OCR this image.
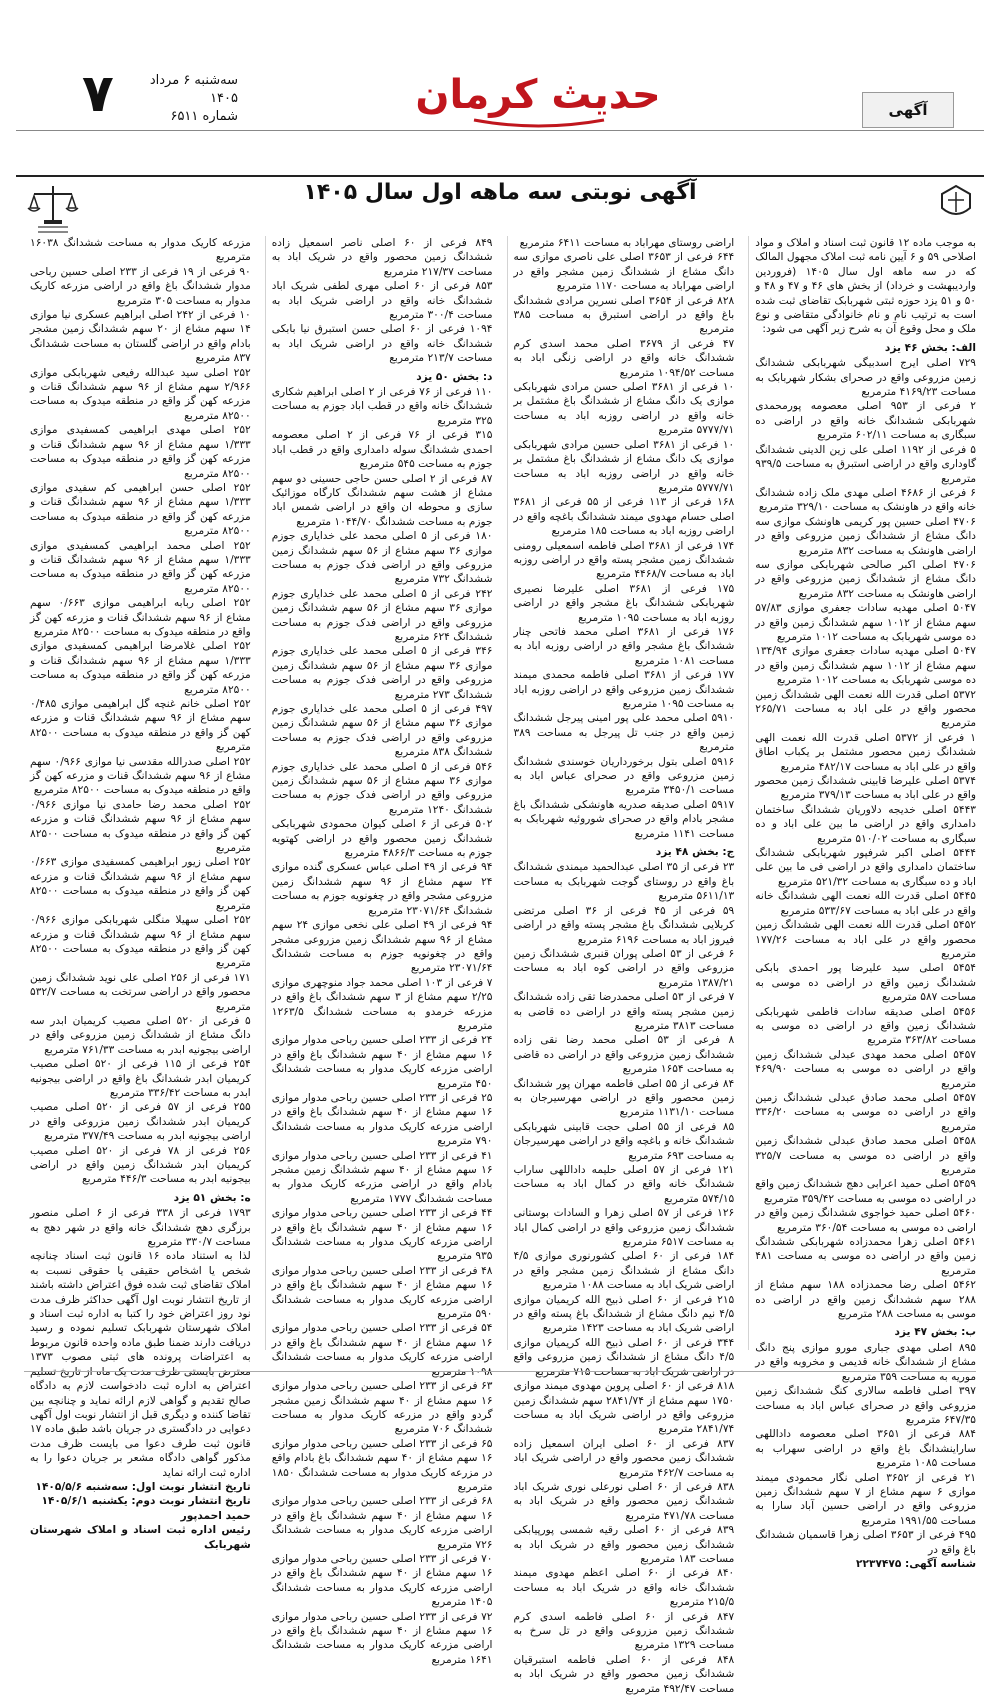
۷	سه‌شنبه ۶ مرداد ۱۴۰۵
شماره ۶۵۱۱	حدیث کرمان	آگهی
آگهی نوبتی سه ماهه اول سال ۱۴۰۵

به موجب ماده ۱۲ قانون ثبت اسناد و املاک و مواد اصلاحی ۵۹ و ۶ آیین نامه ثبت املاک مجهول المالک که در سه ماهه اول سال ۱۴۰۵ (فروردین واردیبهشت و خرداد) از بخش های ۴۶ و ۴۷ و ۴۸ و ۵۰ و ۵۱ یزد حوزه ثبتی شهربابک تقاضای ثبت شده است به ترتیب نام و نام خانوادگی متقاضی و نوع ملک و محل وقوع آن به شرح زیر آگهی می شود:

الف: بخش ۴۶ یزد

۷۲۹ اصلی ایرج اسدبیگی شهربابکی ششدانگ زمین مزروعی واقع در صحرای بشکار شهربابک به مساحت ۴۱۶۹/۲۳ مترمربع

۲ فرعی از ۹۵۳ اصلی معصومه پورمحمدی شهربابکی ششدانگ خانه واقع در اراضی ده سبگاری به مساحت ۶۰۲/۱۱ مترمربع

۵ فرعی از ۱۱۹۲ اصلی علی زین الدینی ششدانگ گاوداری واقع در اراضی استبرق به مساحت ۹۳۹/۵ مترمربع

۶ فرعی از ۴۶۸۶ اصلی مهدی ملک زاده ششدانگ خانه واقع در هاونشک به مساحت ۳۲۹/۱۰ مترمربع

۴۷۰۶ اصلی حسین پور کریمی هاونشک موازی سه دانگ مشاع از ششدانگ زمین مزروعی واقع در اراضی هاونشک به مساحت ۸۳۲ مترمربع

۴۷۰۶ اصلی اکبر صالحی شهربابکی موازی سه دانگ مشاع از ششدانگ زمین مزروعی واقع در اراضی هاونشک به مساحت ۸۳۲ مترمربع

۵۰۴۷ اصلی مهدیه سادات جعفری موازی ۵۷/۸۳ سهم مشاع از ۱۰۱۲ سهم ششدانگ زمین واقع در ده موسی شهربابک به مساحت ۱۰۱۲ مترمربع

۵۰۴۷ اصلی مهدیه سادات جعفری موازی ۱۳۴/۹۴ سهم مشاع از ۱۰۱۲ سهم ششدانگ زمین واقع در ده موسی شهربابک به مساحت ۱۰۱۲ مترمربع

۵۳۷۲ اصلی قدرت الله نعمت الهی ششدانگ زمین محصور واقع در علی اباد به مساحت ۲۶۵/۷۱ مترمربع

۱ فرعی از ۵۳۷۲ اصلی قدرت الله نعمت الهی ششدانگ زمین محصور مشتمل بر یکباب اطاق واقع در علی اباد به مساحت ۴۸۲/۱۷ مترمربع

۵۳۷۴ اصلی علیرضا قابینی ششدانگ زمین محصور واقع در علی اباد به مساحت ۳۷۹/۱۳ مترمربع

۵۴۴۳ اصلی خدیجه دلاوریان ششدانگ ساختمان دامداری واقع در اراضی ما بین علی اباد و ده سبگاری به مساحت ۵۱۰/۰۲ مترمربع

۵۴۴۴ اصلی اکبر شرفپور شهربابکی ششدانگ ساختمان دامداری واقع در اراضی فی ما بین علی اباد و ده سبگاری به مساحت ۵۲۱/۳۲ مترمربع

۵۴۴۵ اصلی قدرت الله نعمت الهی ششدانگ خانه واقع در علی اباد به مساحت ۵۳۳/۶۷ مترمربع

۵۴۵۲ اصلی قدرت الله نعمت الهی ششدانگ زمین محصور واقع در علی اباد به مساحت ۱۷۷/۲۶ مترمربع

۵۴۵۴ اصلی سید علیرضا پور احمدی بابکی ششدانگ زمین واقع در اراضی ده موسی به مساحت ۵۸۷ مترمربع

۵۴۵۶ اصلی صدیقه سادات فاطمی شهربابکی ششدانگ زمین واقع در اراضی ده موسی به مساحت ۳۶۳/۸۲ مترمربع

۵۴۵۷ اصلی محمد مهدی عبدلی ششدانگ زمین واقع در اراضی ده موسی به مساحت ۴۶۹/۹۰ مترمربع

۵۴۵۷ اصلی محمد صادق عبدلی ششدانگ زمین واقع در اراضی ده موسی به مساحت ۳۳۶/۲۰ مترمربع

۵۴۵۸ اصلی محمد صادق عبدلی ششدانگ زمین واقع در اراضی ده موسی به مساحت ۳۲۵/۷ مترمربع

۵۴۵۹ اصلی حمید اعرابی دهج ششدانگ زمین واقع در اراضی ده موسی به مساحت ۳۵۹/۴۲ مترمربع

۵۴۶۰ اصلی حمید خواجوی ششدانگ زمین واقع در اراضی ده موسی به مساحت ۳۶۰/۵۴ مترمربع

۵۴۶۱ اصلی زهرا محمدزاده شهربابکی ششدانگ زمین واقع در اراضی ده موسی به مساحت ۴۸۱ مترمربع

۵۴۶۲ اصلی رضا محمدزاده ۱۸۸ سهم مشاع از ۲۸۸ سهم ششدانگ زمین واقع در اراضی ده موسی به مساحت ۲۸۸ مترمربع

ب: بخش ۴۷ یزد

۸۹۵ اصلی مهدی جباری مورو موازی پنج دانگ مشاع از ششدانگ خانه قدیمی و مخروبه واقع در موریه به مساحت ۳۵۹ مترمربع

۳۹۷ اصلی فاطمه سالاری کنگ ششدانگ زمین مزروعی واقع در صحرای عباس اباد به مساحت ۶۴۷/۳۵ مترمربع

۸۸۴ فرعی از ۳۶۵۱ اصلی معصومه داداللهی ساراینشدانگ باغ واقع در اراضی سهراب به مساحت ۱۰۸۵ مترمربع

۲۱ فرعی از ۳۶۵۲ اصلی نگار محمودی میمند موازی ۶ سهم مشاع از ۷ سهم ششدانگ زمین مزروعی واقع در اراضی حسین آباد سارا به مساحت ۱۹۹۱/۵۵ مترمربع

۴۹۵ فرعی از ۳۶۵۳ اصلی زهرا قاسمیان ششدانگ باغ واقع در

شناسه آگهی: ۲۲۳۷۴۷۵

اراضی روستای مهراباد به مساحت ۶۴۱۱ مترمربع

۶۴۴ فرعی از ۳۶۵۳ اصلی علی ناصری موازی سه دانگ مشاع از ششدانگ زمین مشجر واقع در اراضی مهراباد به مساحت ۱۱۷۰ مترمربع

۸۲۸ فرعی از ۳۶۵۴ اصلی نسرین مرادی ششدانگ باغ واقع در اراضی استبرق به مساحت ۳۸۵ مترمربع

۴۷ فرعی از ۳۶۷۹ اصلی محمد اسدی کرم ششدانگ خانه واقع در اراضی زنگی اباد به مساحت ۱۰۹۴/۵۲ مترمربع

۱۰ فرعی از ۳۶۸۱ اصلی حسن مرادی شهربابکی موازی یک دانگ مشاع از ششدانگ باغ مشتمل بر خانه واقع در اراضی روزبه اباد به مساحت ۵۷۷۷/۷۱ مترمربع

۱۰ فرعی از ۳۶۸۱ اصلی حسین مرادی شهربابکی موازی یک دانگ مشاع از ششدانگ باغ مشتمل بر خانه واقع در اراضی روزبه اباد به مساحت ۵۷۷۷/۷۱ مترمربع

۱۶۸ فرعی از ۱۱۳ فرعی از ۵۵ فرعی از ۳۶۸۱ اصلی حسام مهدوی میمند ششدانگ باغچه واقع در اراضی روزبه اباد به مساحت ۱۸۵ مترمربع

۱۷۴ فرعی از ۳۶۸۱ اصلی فاطمه اسمعیلی رومنی ششدانگ زمین مشجر پسته واقع در اراضی روزبه اباد به مساحت ۴۴۶۸/۷ مترمربع

۱۷۵ فرعی از ۳۶۸۱ اصلی علیرضا نصیری شهربابکی ششدانگ باغ مشجر واقع در اراضی روزبه اباد به مساحت ۱۰۹۵ مترمربع

۱۷۶ فرعی از ۳۶۸۱ اصلی محمد فاتحی چنار ششدانگ باغ مشجر واقع در اراضی روزبه اباد به مساحت ۱۰۸۱ مترمربع

۱۷۷ فرعی از ۳۶۸۱ اصلی فاطمه محمدی میمند ششدانگ زمین مزروعی واقع در اراضی روزبه اباد به مساحت ۱۰۹۵ مترمربع

۵۹۱۰ اصلی محمد علی پور امینی پیرجل ششدانگ زمین واقع در جنب تل پیرجل به مساحت ۳۸۹ مترمربع

۵۹۱۶ اصلی بتول برخورداریان خوسندی ششدانگ زمین مزروعی واقع در صحرای عباس اباد به مساحت ۳۴۵۰/۱ مترمربع

۵۹۱۷ اصلی صدیقه صدریه هاونشکی ششدانگ باغ مشجر بادام واقع در صحرای شوروئیه شهربابک به مساحت ۱۱۴۱ مترمربع

ج: بخش ۴۸ یزد

۲۳ فرعی از ۳۵ اصلی عبدالحمید میمندی ششدانگ باغ واقع در روستای گوجت شهربابک به مساحت ۵۶۱۱/۱۳ مترمربع

۵۹ فرعی از ۴۵ فرعی از ۳۶ اصلی مرتضی کربلایی ششدانگ باغ مشجر پسته واقع در اراضی فیروز اباد به مساحت ۶۱۹۶ مترمربع

۶ فرعی از ۵۳ اصلی پوران قنبری ششدانگ زمین مزروعی واقع در اراضی کوه اباد به مساحت ۱۳۸۷/۲۱ مترمربع

۷ فرعی از ۵۳ اصلی محمدرضا تقی زاده ششدانگ زمین مشجر پسته واقع در اراضی ده قاضی به مساحت ۳۸۱۳ مترمربع

۸ فرعی از ۵۳ اصلی محمد رضا نقی زاده ششدانگ زمین مزروعی واقع در اراضی ده قاضی به مساحت ۱۶۵۴ مترمربع

۸۴ فرعی از ۵۵ اصلی فاطمه مهران پور ششدانگ زمین محصور واقع در اراضی مهرسیرجان به مساحت ۱۱۳۱/۱۰ مترمربع

۸۵ فرعی از ۵۵ اصلی حجت قابینی شهربابکی ششدانگ خانه و باغچه واقع در اراضی مهرسیرجان به مساحت ۶۹۳ مترمربع

۱۲۱ فرعی از ۵۷ اصلی حلیمه داداللهی ساراب ششدانگ خانه واقع در کمال اباد به مساحت ۵۷۴/۱۵ مترمربع

۱۲۶ فرعی از ۵۷ اصلی زهرا و السادات بوستانی ششدانگ زمین مزروعی واقع در اراضی کمال اباد به مساحت ۶۵۱۷ مترمربع

۱۸۴ فرعی از ۶۰ اصلی کشورنوری موازی ۴/۵ دانگ مشاع از ششدانگ زمین مشجر واقع در اراضی شریک اباد به مساحت ۱۰۸۸ مترمربع

۲۱۵ فرعی از ۶۰ اصلی ذبیح الله کریمیان موازی ۴/۵ نیم دانگ مشاع از ششدانگ باغ پسته واقع در اراضی شریک اباد به مساحت ۱۴۲۳ مترمربع

۳۴۴ فرعی از ۶۰ اصلی ذبیح الله کریمیان موازی ۴/۵ دانگ مشاع از ششدانگ زمین مزروعی واقع در اراضی شریک اباد به مساحت ۷۱۵ مترمربع

۸۱۸ فرعی از ۶۰ اصلی پروین مهدوی میمند موازی ۱۷۵۰ سهم مشاع از ۲۸۴۱/۷۴ سهم ششدانگ زمین مزروعی واقع در اراضی شریک اباد به مساحت ۲۸۴۱/۷۴ مترمربع

۸۳۷ فرعی از ۶۰ اصلی ایران اسمعیل زاده ششدانگ زمین محصور واقع در اراضی شریک اباد به مساحت ۴۶۲/۷ مترمربع

۸۳۸ فرعی از ۶۰ اصلی نورعلی نوری شریک اباد ششدانگ زمین محصور واقع در شریک اباد به مساحت ۴۷۱/۷۸ مترمربع

۸۳۹ فرعی از ۶۰ اصلی رقیه شمسی پورپیابکی ششدانگ زمین محصور واقع در شریک اباد به مساحت ۱۸۳ مترمربع

۸۴۰ فرعی از ۶۰ اصلی اعظم مهدوی میمند ششدانگ خانه واقع در شریک اباد به مساحت ۲۱۵/۵ مترمربع

۸۴۷ فرعی از ۶۰ اصلی فاطمه اسدی کرم ششدانگ زمین مزروعی واقع در تل سرخ به مساحت ۱۳۲۹ مترمربع

۸۴۸ فرعی از ۶۰ اصلی فاطمه استبرقیان ششدانگ زمین محصور واقع در شریک اباد به مساحت ۴۹۲/۴۷ مترمربع

۸۴۹ فرعی از ۶۰ اصلی ناصر اسمعیل زاده ششدانگ زمین محصور واقع در شریک اباد به مساحت ۲۱۷/۳۷ مترمربع

۸۵۳ فرعی از ۶۰ اصلی مهری لطفی شریک اباد ششدانگ خانه واقع در اراضی شریک اباد به مساحت ۳۰۰/۴ مترمربع

۱۰۹۴ فرعی از ۶۰ اصلی حسن استبرق نیا بابکی ششدانگ خانه واقع در اراضی شریک اباد به مساحت ۲۱۳/۷ مترمربع

د: بخش ۵۰ یزد

۱۱۰ فرعی از ۷۶ فرعی از ۲ اصلی ابراهیم شکاری ششدانگ خانه واقع در قطب اباد جوزم به مساحت ۳۲۵ مترمربع

۳۱۵ فرعی از ۷۶ فرعی از ۲ اصلی معصومه احمدی ششدانگ سوله دامداری واقع در قطب اباد جوزم به مساحت ۵۴۵ مترمربع

۸۷ فرعی از ۲ اصلی حسن حاجی حسینی دو سهم مشاع از هشت سهم ششدانگ کارگاه موزائیک سازی و محوطه ان واقع در اراضی شمس اباد جوزم به مساحت ششدانگ ۱۰۴۴/۷۰ مترمربع

۱۸۰ فرعی از ۵ اصلی محمد علی خدایاری جوزم موازی ۳۶ سهم مشاع از ۵۶ سهم ششدانگ زمین مزروعی واقع در اراضی فدک جوزم به مساحت ششدانگ ۷۳۲ مترمربع

۲۴۲ فرعی از ۵ اصلی محمد علی خدایاری جوزم موازی ۳۶ سهم مشاع از ۵۶ سهم ششدانگ زمین مزروعی واقع در اراضی فدک جوزم به مساحت ششدانگ ۶۲۴ مترمربع

۳۴۶ فرعی از ۵ اصلی محمد علی خدایاری جوزم موازی ۳۶ سهم مشاع از ۵۶ سهم ششدانگ زمین مزروعی واقع در اراضی فدک جوزم به مساحت ششدانگ ۲۷۳ مترمربع

۴۹۷ فرعی از ۵ اصلی محمد علی خدایاری جوزم موازی ۳۶ سهم مشاع از ۵۶ سهم ششدانگ زمین مزروعی واقع در اراضی فدک جوزم به مساحت ششدانگ ۸۳۸ مترمربع

۵۴۶ فرعی از ۵ اصلی محمد علی خدایاری جوزم موازی ۳۶ سهم مشاع از ۵۶ سهم ششدانگ زمین مزروعی واقع در اراضی فدک جوزم به مساحت ششدانگ ۱۲۴۰ مترمربع

۵۰۲ فرعی از ۶ اصلی کیوان محمودی شهربابکی ششدانگ زمین محصور واقع در اراضی کهتویه جوزم به مساحت ۴۸۶۶/۳ مترمربع

۹۴ فرعی از ۴۹ اصلی عباس عسکری گنده موازی ۲۴ سهم مشاع از ۹۶ سهم ششدانگ زمین مزروعی مشجر واقع در چغونویه جوزم به مساحت ششدانگ ۲۳۰۷۱/۶۴ مترمربع

۹۴ فرعی از ۴۹ اصلی علی نخعی موازی ۲۴ سهم مشاع از ۹۶ سهم ششدانگ زمین مزروعی مشجر واقع در چغونویه جوزم به مساحت ششدانگ ۲۳۰۷۱/۶۴ مترمربع

۷ فرعی از ۱۰۳ اصلی محمد جواد منوچهری موازی ۲/۲۵ سهم مشاع از ۳ سهم ششدانگ باغ واقع در مزرعه خرمدو به مساحت ششدانگ ۱۲۶۳/۵ مترمربع

۲۴ فرعی از ۲۳۳ اصلی حسین رباحی مدوار موازی ۱۶ سهم مشاع از ۴۰ سهم ششدانگ باغ واقع در اراضی مزرعه کاریک مدوار به مساحت ششدانگ ۴۵۰ مترمربع

۲۵ فرعی از ۲۳۳ اصلی حسین رباحی مدوار موازی ۱۶ سهم مشاع از ۴۰ سهم ششدانگ باغ واقع در اراضی مزرعه کاریک مدوار به مساحت ششدانگ ۷۹۰ مترمربع

۴۱ فرعی از ۲۳۳ اصلی حسین رباحی مدوار موازی ۱۶ سهم مشاع از ۴۰ سهم ششدانگ زمین مشجر بادام واقع در اراضی مزرعه کاریک مدوار به مساحت ششدانگ ۱۷۷۷ مترمربع

۴۴ فرعی از ۲۳۳ اصلی حسین رباحی مدوار موازی ۱۶ سهم مشاع از ۴۰ سهم ششدانگ باغ واقع در اراضی مزرعه کاریک مدوار به مساحت ششدانگ ۹۳۵ مترمربع

۴۸ فرعی از ۲۳۳ اصلی حسین رباحی مدوار موازی ۱۶ سهم مشاع از ۴۰ سهم ششدانگ باغ واقع در اراضی مزرعه کاریک مدوار به مساحت ششدانگ ۵۹۰ مترمربع

۵۴ فرعی از ۲۳۳ اصلی حسین رباحی مدوار موازی ۱۶ سهم مشاع از ۴۰ سهم ششدانگ باغ واقع در اراضی مزرعه کاریک مدوار به مساحت ششدانگ ۱۰۹۸ مترمربع

۶۳ فرعی از ۲۳۳ اصلی حسین رباحی مدوار موازی ۱۶ سهم مشاع از ۴۰ سهم ششدانگ زمین مشجر گردو واقع در مزرعه کاریک مدوار به مساحت ششدانگ ۷۰۶ مترمربع

۶۵ فرعی از ۲۳۳ اصلی حسین رباحی مدوار موازی ۱۶ سهم مشاع از ۴۰ سهم ششدانگ باغ بادام واقع در مزرعه کاریک مدوار به مساحت ششدانگ ۱۸۵۰ مترمربع

۶۸ فرعی از ۲۳۳ اصلی حسین رباحی مدوار موازی ۱۶ سهم مشاع از ۴۰ سهم ششدانگ باغ واقع در اراضی مزرعه کاریک مدوار به مساحت ششدانگ ۷۲۶ مترمربع

۷۰ فرعی از ۲۳۳ اصلی حسین رباحی مدوار موازی ۱۶ سهم مشاع از ۴۰ سهم ششدانگ باغ واقع در اراضی مزرعه کاریک مدوار به مساحت ششدانگ ۱۴۰۵ مترمربع

۷۲ فرعی از ۲۳۳ اصلی حسین رباحی مدوار موازی ۱۶ سهم مشاع از ۴۰ سهم ششدانگ باغ واقع در اراضی مزرعه کاریک مدوار به مساحت ششدانگ ۱۶۴۱ مترمربع

مزرعه کاریک مدوار به مساحت ششدانگ ۱۶۰۳۸ مترمربع

۹۰ فرعی از ۱۹ فرعی از ۲۳۳ اصلی حسین رباحی مدوار ششدانگ باغ واقع در اراضی مزرعه کاریک مدوار به مساحت ۳۰۵ مترمربع

۱۰ فرعی از ۲۴۲ اصلی ابراهیم عسکری نیا موازی ۱۴ سهم مشاع از ۲۰ سهم ششدانگ زمین مشجر بادام واقع در اراضی گلستان به مساحت ششدانگ ۸۳۷ مترمربع

۲۵۲ اصلی سید عبدالله رفیعی شهربابکی موازی ۲/۹۶۶ سهم مشاع از ۹۶ سهم ششدانگ قنات و مزرعه کهن گز واقع در منطقه میدوک به مساحت ۸۲۵۰۰ مترمربع

۲۵۲ اصلی مهدی ابراهیمی کمسفیدی موازی ۱/۳۳۳ سهم مشاع از ۹۶ سهم ششدانگ قنات و مزرعه کهن گز واقع در منطقه میدوک به مساحت ۸۲۵۰۰ مترمربع

۲۵۲ اصلی حسن ابراهیمی کم سفیدی موازی ۱/۳۳۳ سهم مشاع از ۹۶ سهم ششدانگ قنات و مزرعه کهن گز واقع در منطقه میدوک به مساحت ۸۲۵۰۰ مترمربع

۲۵۲ اصلی محمد ابراهیمی کمسفیدی موازی ۱/۳۳۳ سهم مشاع از ۹۶ سهم ششدانگ قنات و مزرعه کهن گز واقع در منطقه میدوک به مساحت ۸۲۵۰۰ مترمربع

۲۵۲ اصلی ربابه ابراهیمی موازی ۰/۶۶۳ سهم مشاع از ۹۶ سهم ششدانگ قنات و مزرعه کهن گز واقع در منطقه میدوک به مساحت ۸۲۵۰۰ مترمربع

۲۵۲ اصلی غلامرضا ابراهیمی کمسفیدی موازی ۱/۳۳۳ سهم مشاع از ۹۶ سهم ششدانگ قنات و مزرعه کهن گز واقع در منطقه میدوک به مساحت ۸۲۵۰۰ مترمربع

۲۵۲ اصلی خانم غنچه گل ابراهیمی موازی ۰/۴۸۵ سهم مشاع از ۹۶ سهم ششدانگ قنات و مزرعه کهن گز واقع در منطقه میدوک به مساحت ۸۲۵۰۰ مترمربع

۲۵۲ اصلی صدرالله مقدسی نیا موازی ۰/۹۶۶ سهم مشاع از ۹۶ سهم ششدانگ قنات و مزرعه کهن گز واقع در منطقه میدوک به مساحت ۸۲۵۰۰ مترمربع

۲۵۲ اصلی محمد رضا حامدی نیا موازی ۰/۹۶۶ سهم مشاع از ۹۶ سهم ششدانگ قنات و مزرعه کهن گز واقع در منطقه میدوک به مساحت ۸۲۵۰۰ مترمربع

۲۵۲ اصلی زیور ابراهیمی کمسفیدی موازی ۰/۶۶۳ سهم مشاع از ۹۶ سهم ششدانگ قنات و مزرعه کهن گز واقع در منطقه میدوک به مساحت ۸۲۵۰۰ مترمربع

۲۵۲ اصلی سهیلا منگلی شهربابکی موازی ۰/۹۶۶ سهم مشاع از ۹۶ سهم ششدانگ قنات و مزرعه کهن گز واقع در منطقه میدوک به مساحت ۸۲۵۰۰ مترمربع

۱۷۱ فرعی از ۲۵۶ اصلی علی نوید ششدانگ زمین محصور واقع در اراضی سرتخت به مساحت ۵۳۲/۷ مترمربع

۵ فرعی از ۵۲۰ اصلی مصیب کریمیان ابدر سه دانگ مشاع از ششدانگ زمین مزروعی واقع در اراضی بیجونیه ابدر به مساحت ۷۶۱/۳۳ مترمربع

۲۵۴ فرعی از ۱۱۵ فرعی از ۵۲۰ اصلی مصیب کریمیان ابدر ششدانگ باغ واقع در اراضی بیجونیه ابدر به مساحت ۳۳۶/۴۲ مترمربع

۲۵۵ فرعی از ۵۷ فرعی از ۵۲۰ اصلی مصیب کریمیان ابدر ششدانگ زمین مزروعی واقع در اراضی بیجونیه ابدر به مساحت ۳۷۷/۴۹ مترمربع

۲۵۶ فرعی از ۷۸ فرعی از ۵۲۰ اصلی مصیب کریمیان ابدر ششدانگ زمین واقع در اراضی بیجونیه ابدر به مساحت ۴۴۶/۳ مترمربع

ه: بخش ۵۱ یزد

۱۷۹۳ فرعی از ۳۳۸ فرعی از ۶ اصلی منصور برزگری دهج ششدانگ خانه واقع در شهر دهج به مساحت ۳۳۰/۷ مترمربع

لذا به استناد ماده ۱۶ قانون ثبت اسناد چنانچه شخص یا اشخاص حقیقی یا حقوقی نسبت به املاک تقاضای ثبت شده فوق اعتراض داشته باشند از تاریخ انتشار نوبت اول آگهی حداکثر ظرف مدت نود روز اعتراض خود را کتبا به اداره ثبت اسناد و املاک شهرستان شهربابک تسلیم نموده و رسید دریافت دارند ضمنا طبق ماده واحده قانون مربوط به اعتراضات پرونده های ثبتی مصوب ۱۳۷۳ معترض بایستی ظرف مدت یک ماه از تاریخ تسلیم اعتراض به اداره ثبت دادخواست لازم به دادگاه صالح تقدیم و گواهی لازم ارائه نماید و چنانچه بین تقاضا کننده و دیگری قبل از انتشار نوبت اول آگهی دعوایی در دادگستری در جریان باشد طبق ماده ۱۷ قانون ثبت طرف دعوا می بایست ظرف مدت مذکور گواهی دادگاه مشعر بر جریان دعوا را به اداره ثبت ارائه نماید

تاریخ انتشار نوبت اول: سه‌شنبه ۱۴۰۵/۵/۶

تاریخ انتشار نوبت دوم: یکشنبه ۱۴۰۵/۶/۱

حمید احمدپور

رئیس اداره ثبت اسناد و املاک شهرستان شهربابک
